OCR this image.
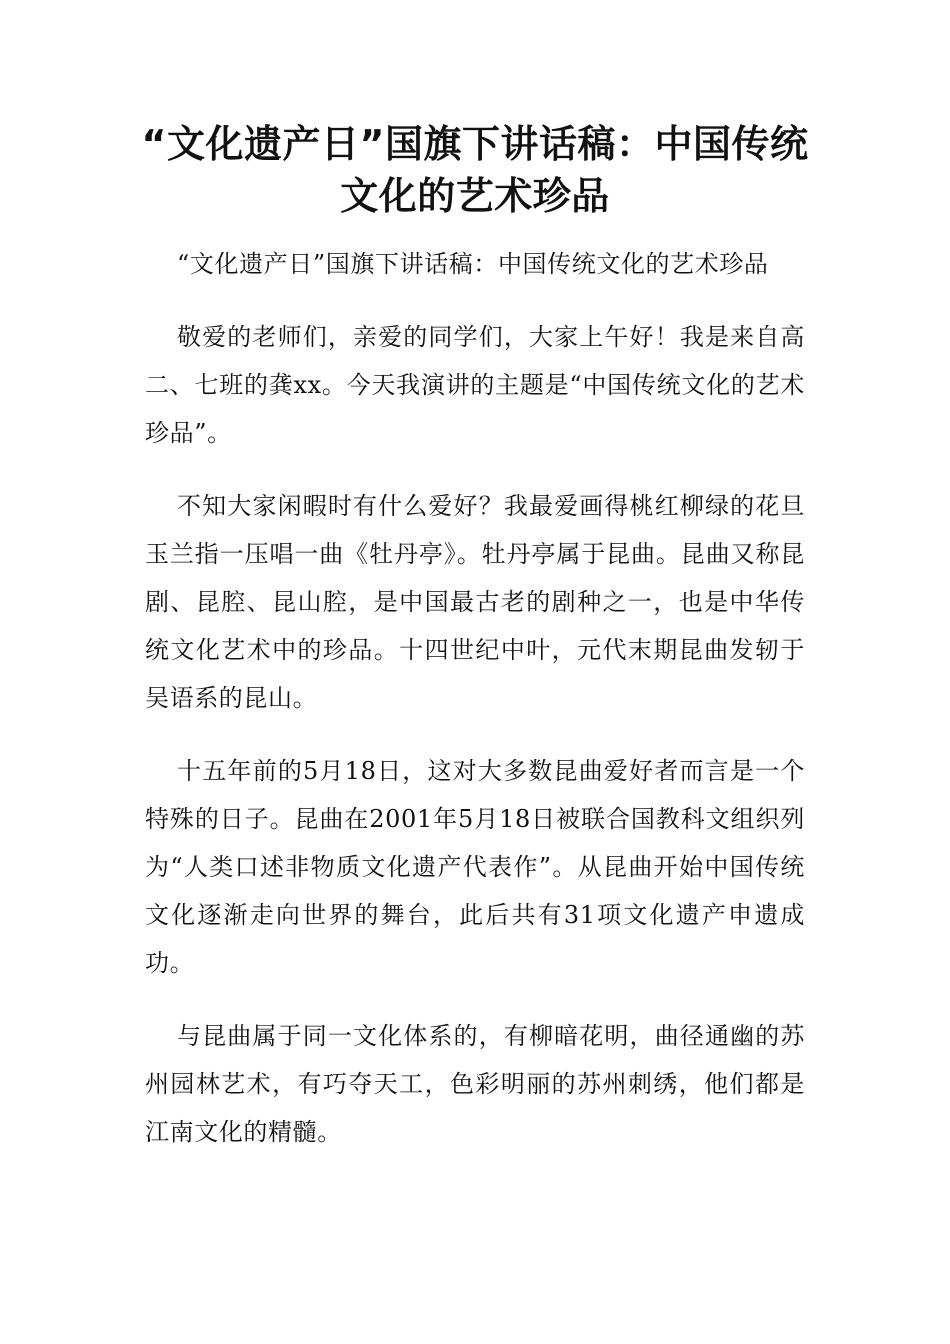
“文化遗产日”国旗下讲话稿：中国传统文化的艺术珍品

“文化遗产日”国旗下讲话稿：中国传统文化的艺术珍品

敬爱的老师们，亲爱的同学们，大家上午好！我是来自高二、七班的龚xx。今天我演讲的主题是“中国传统文化的艺术珍品”。

不知大家闲暇时有什么爱好？我最爱画得桃红柳绿的花旦玉兰指一压唱一曲《牡丹亭》。牡丹亭属于昆曲。昆曲又称昆剧、昆腔、昆山腔，是中国最古老的剧种之一，也是中华传统文化艺术中的珍品。十四世纪中叶，元代末期昆曲发轫于吴语系的昆山。

十五年前的5月18日，这对大多数昆曲爱好者而言是一个特殊的日子。昆曲在2001年5月18日被联合国教科文组织列为“人类口述非物质文化遗产代表作”。从昆曲开始中国传统文化逐渐走向世界的舞台，此后共有31项文化遗产申遗成功。

与昆曲属于同一文化体系的，有柳暗花明，曲径通幽的苏州园林艺术，有巧夺天工，色彩明丽的苏州刺绣，他们都是江南文化的精髓。
